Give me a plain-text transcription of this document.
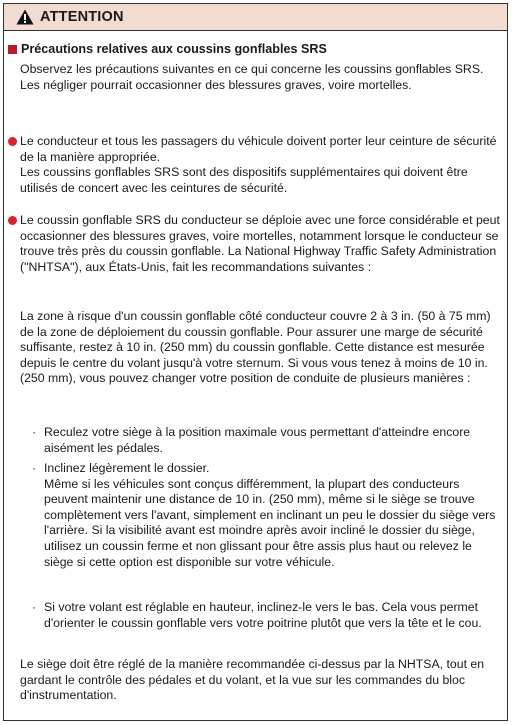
ATTENTION
Précautions relatives aux coussins gonflables SRS

Observez les précautions suivantes en ce qui concerne les coussins gonflables SRS.

Les négliger pourrait occasionner des blessures graves, voire mortelles.

Le conducteur et tous les passagers du véhicule doivent porter leur ceinture de sécurité de la manière appropriée.

Les coussins gonflables SRS sont des dispositifs supplémentaires qui doivent être utilisés de concert avec les ceintures de sécurité.

Le coussin gonflable SRS du conducteur se déploie avec une force considérable et peut occasionner des blessures graves, voire mortelles, notamment lorsque le conducteur se trouve très près du coussin gonflable. La National Highway Traffic Safety Administration ("NHTSA"), aux États-Unis, fait les recommandations suivantes :

La zone à risque d'un coussin gonflable côté conducteur couvre 2 à 3 in. (50 à 75 mm) de la zone de déploiement du coussin gonflable. Pour assurer une marge de sécurité suffisante, restez à 10 in. (250 mm) du coussin gonflable. Cette distance est mesurée depuis le centre du volant jusqu'à votre sternum. Si vous vous tenez à moins de 10 in. (250 mm), vous pouvez changer votre position de conduite de plusieurs manières :

· Reculez votre siège à la position maximale vous permettant d'atteindre encore aisément les pédales.

· Inclinez légèrement le dossier.

Même si les véhicules sont conçus différemment, la plupart des conducteurs peuvent maintenir une distance de 10 in. (250 mm), même si le siège se trouve complètement vers l'avant, simplement en inclinant un peu le dossier du siège vers l'arrière. Si la visibilité avant est moindre après avoir incliné le dossier du siège, utilisez un coussin ferme et non glissant pour être assis plus haut ou relevez le siège si cette option est disponible sur votre véhicule.

· Si votre volant est réglable en hauteur, inclinez-le vers le bas. Cela vous permet d'orienter le coussin gonflable vers votre poitrine plutôt que vers la tête et le cou.

Le siège doit être réglé de la manière recommandée ci-dessus par la NHTSA, tout en gardant le contrôle des pédales et du volant, et la vue sur les commandes du bloc d'instrumentation.
